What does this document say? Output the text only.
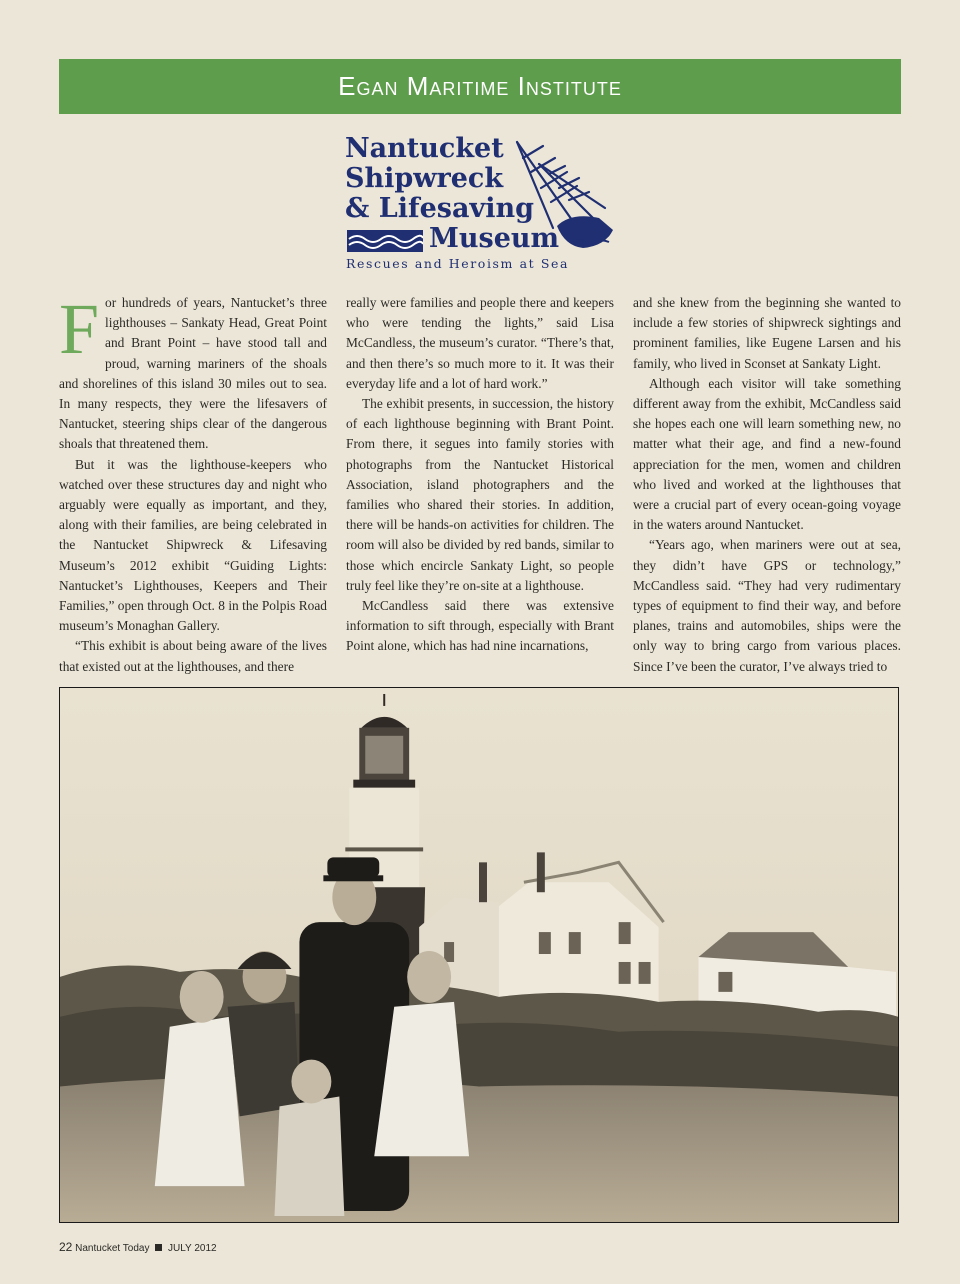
Egan Maritime Institute
Nantucket
Shipwreck
& Lifesaving
Museum
Rescues and Heroism at Sea

For hundreds of years, Nantucket’s three lighthouses – Sankaty Head, Great Point and Brant Point – have stood tall and proud, warning mariners of the shoals and shorelines of this island 30 miles out to sea. In many respects, they were the lifesavers of Nantucket, steering ships clear of the dangerous shoals that threatened them.

But it was the lighthouse-keepers who watched over these structures day and night who arguably were equally as important, and they, along with their families, are being celebrated in the Nantucket Shipwreck & Lifesaving Museum’s 2012 exhibit “Guiding Lights: Nantucket’s Lighthouses, Keepers and Their Families,” open through Oct. 8 in the Polpis Road museum’s Monaghan Gallery.

“This exhibit is about being aware of the lives that existed out at the lighthouses, and there

really were families and people there and keepers who were tending the lights,” said Lisa McCandless, the museum’s curator. “There’s that, and then there’s so much more to it. It was their everyday life and a lot of hard work.”

The exhibit presents, in succession, the history of each lighthouse beginning with Brant Point. From there, it segues into family stories with photographs from the Nantucket Historical Association, island photographers and the families who shared their stories. In addition, there will be hands-on activities for children. The room will also be divided by red bands, similar to those which encircle Sankaty Light, so people truly feel like they’re on-site at a lighthouse.

McCandless said there was extensive information to sift through, especially with Brant Point alone, which has had nine incarnations,

and she knew from the beginning she wanted to include a few stories of shipwreck sightings and prominent families, like Eugene Larsen and his family, who lived in Sconset at Sankaty Light.

Although each visitor will take something different away from the exhibit, McCandless said she hopes each one will learn something new, no matter what their age, and find a new-found appreciation for the men, women and children who lived and worked at the lighthouses that were a crucial part of every ocean-going voyage in the waters around Nantucket.

“Years ago, when mariners were out at sea, they didn’t have GPS or technology,” McCandless said. “They had very rudimentary types of equipment to find their way, and before planes, trains and automobiles, ships were the only way to bring cargo from various places. Since I’ve been the curator, I’ve always tried to

22 Nantucket Today JULY 2012
